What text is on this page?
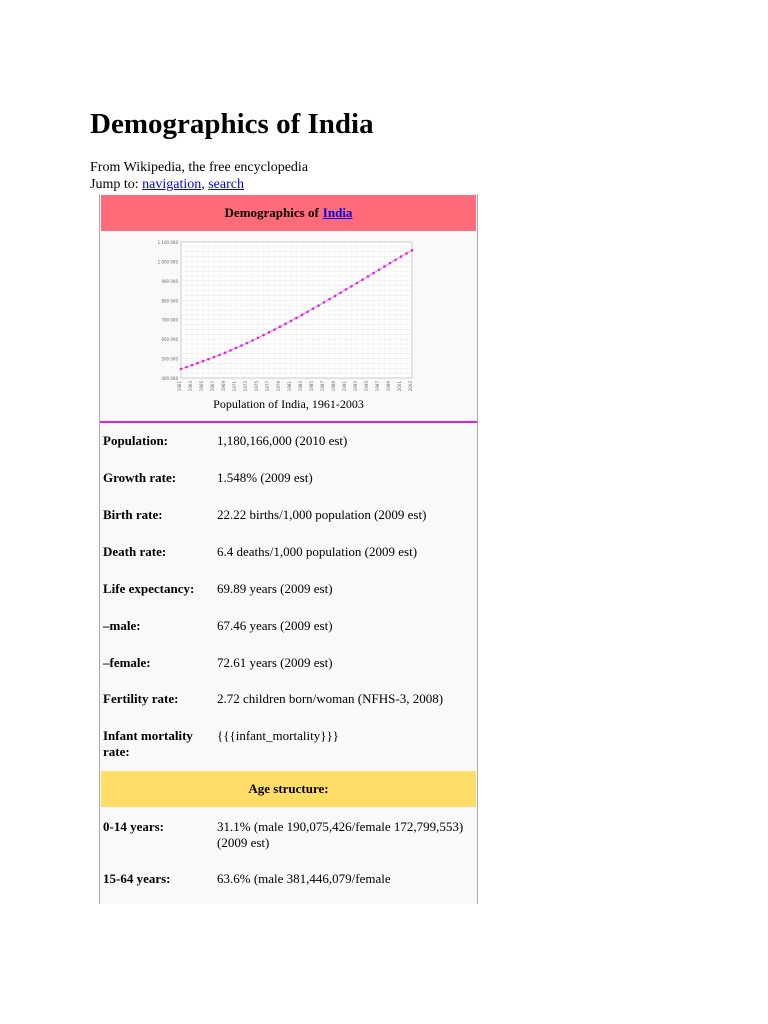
Demographics of India
From Wikipedia, the free encyclopedia
Jump to: navigation, search
Demographics of India
400 000
500 000
600 000
700 000
800 000
900 000
1 000 000
1 100 000
1961 1963 1965 1967 1969 1971 1973 1975 1977 1979 1981 1983 1985 1987 1989 1991 1993 1995 1997 1999 2001 2003
Population of India, 1961-2003
Population:	1,180,166,000 (2010 est)
Growth rate:	1.548% (2009 est)
Birth rate:	22.22 births/1,000 population (2009 est)
Death rate:	6.4 deaths/1,000 population (2009 est)
Life expectancy:	69.89 years (2009 est)
–male:	67.46 years (2009 est)
–female:	72.61 years (2009 est)
Fertility rate:	2.72 children born/woman (NFHS-3, 2008)
Infant mortality rate:
{{{infant_mortality}}}
Age structure:
0-14 years:	31.1% (male 190,075,426/female 172,799,553) (2009 est)
15-64 years:	63.6% (male 381,446,079/female
